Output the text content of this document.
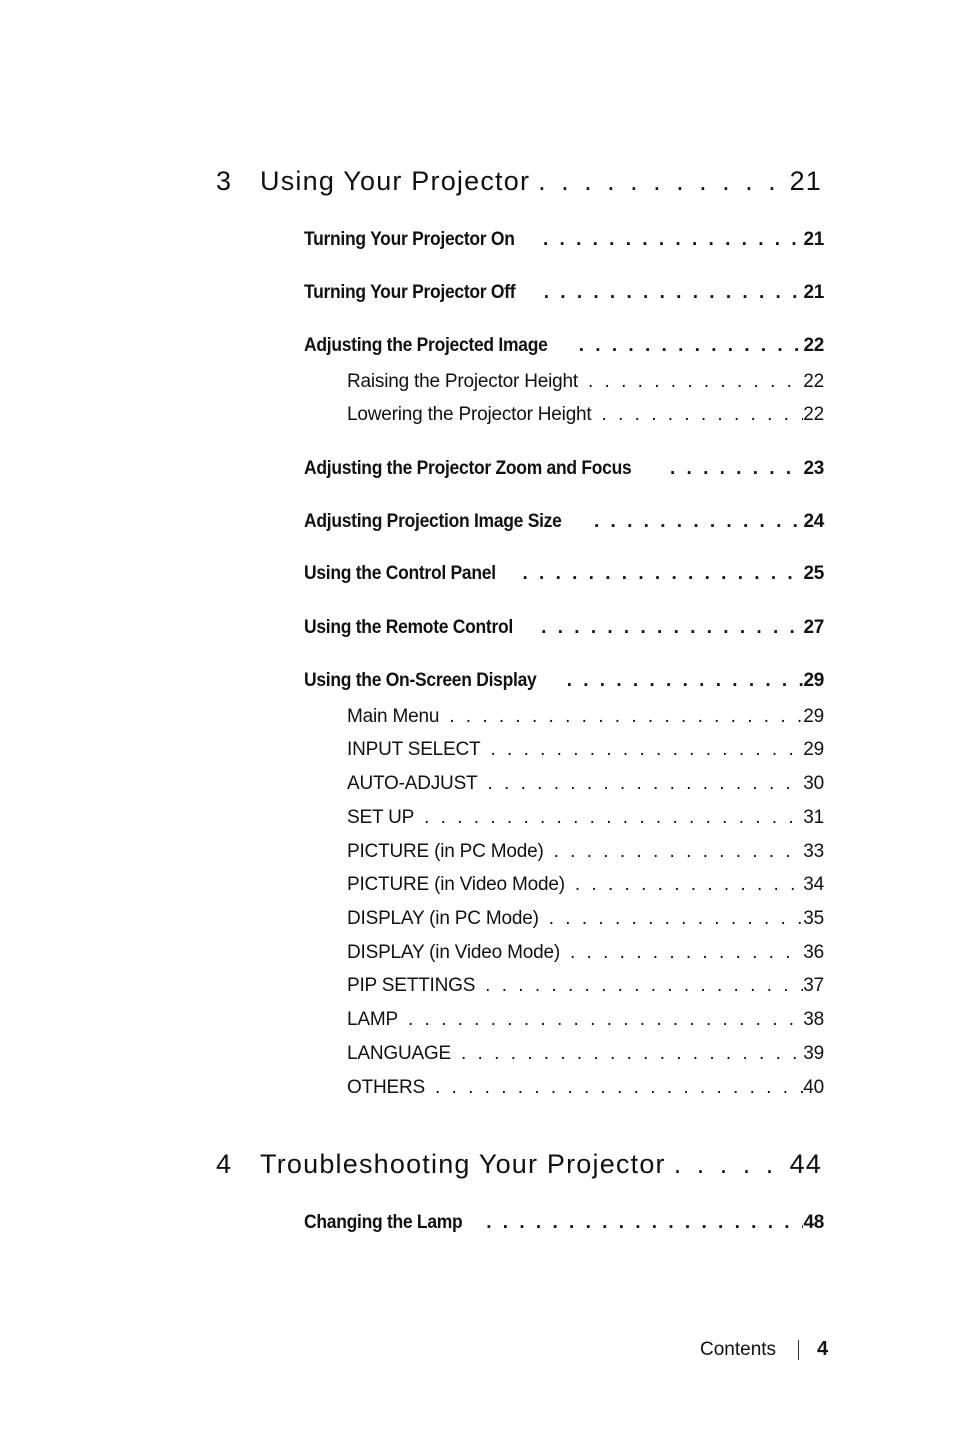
3	Using Your Projector . . .	21
Turning Your Projector On . . .	21
Turning Your Projector Off . . .	21
Adjusting the Projected Image . . .	22
Raising the Projector Height . . .	22
Lowering the Projector Height . . .	22
Adjusting the Projector Zoom and Focus . . .	23
Adjusting Projection Image Size . . .	24
Using the Control Panel . . .	25
Using the Remote Control . . .	27
Using the On-Screen Display . . .	29
Main Menu . . .	29
INPUT SELECT . . .	29
AUTO-ADJUST . . .	30
SET UP . . .	31
PICTURE (in PC Mode) . . .	33
PICTURE (in Video Mode) . . .	34
DISPLAY (in PC Mode) . . .	35
DISPLAY (in Video Mode) . . .	36
PIP SETTINGS . . .	37
LAMP . . .	38
LANGUAGE . . .	39
OTHERS . . .	40
4	Troubleshooting Your Projector . . .	44
Changing the Lamp . . .	48
Contents 4
